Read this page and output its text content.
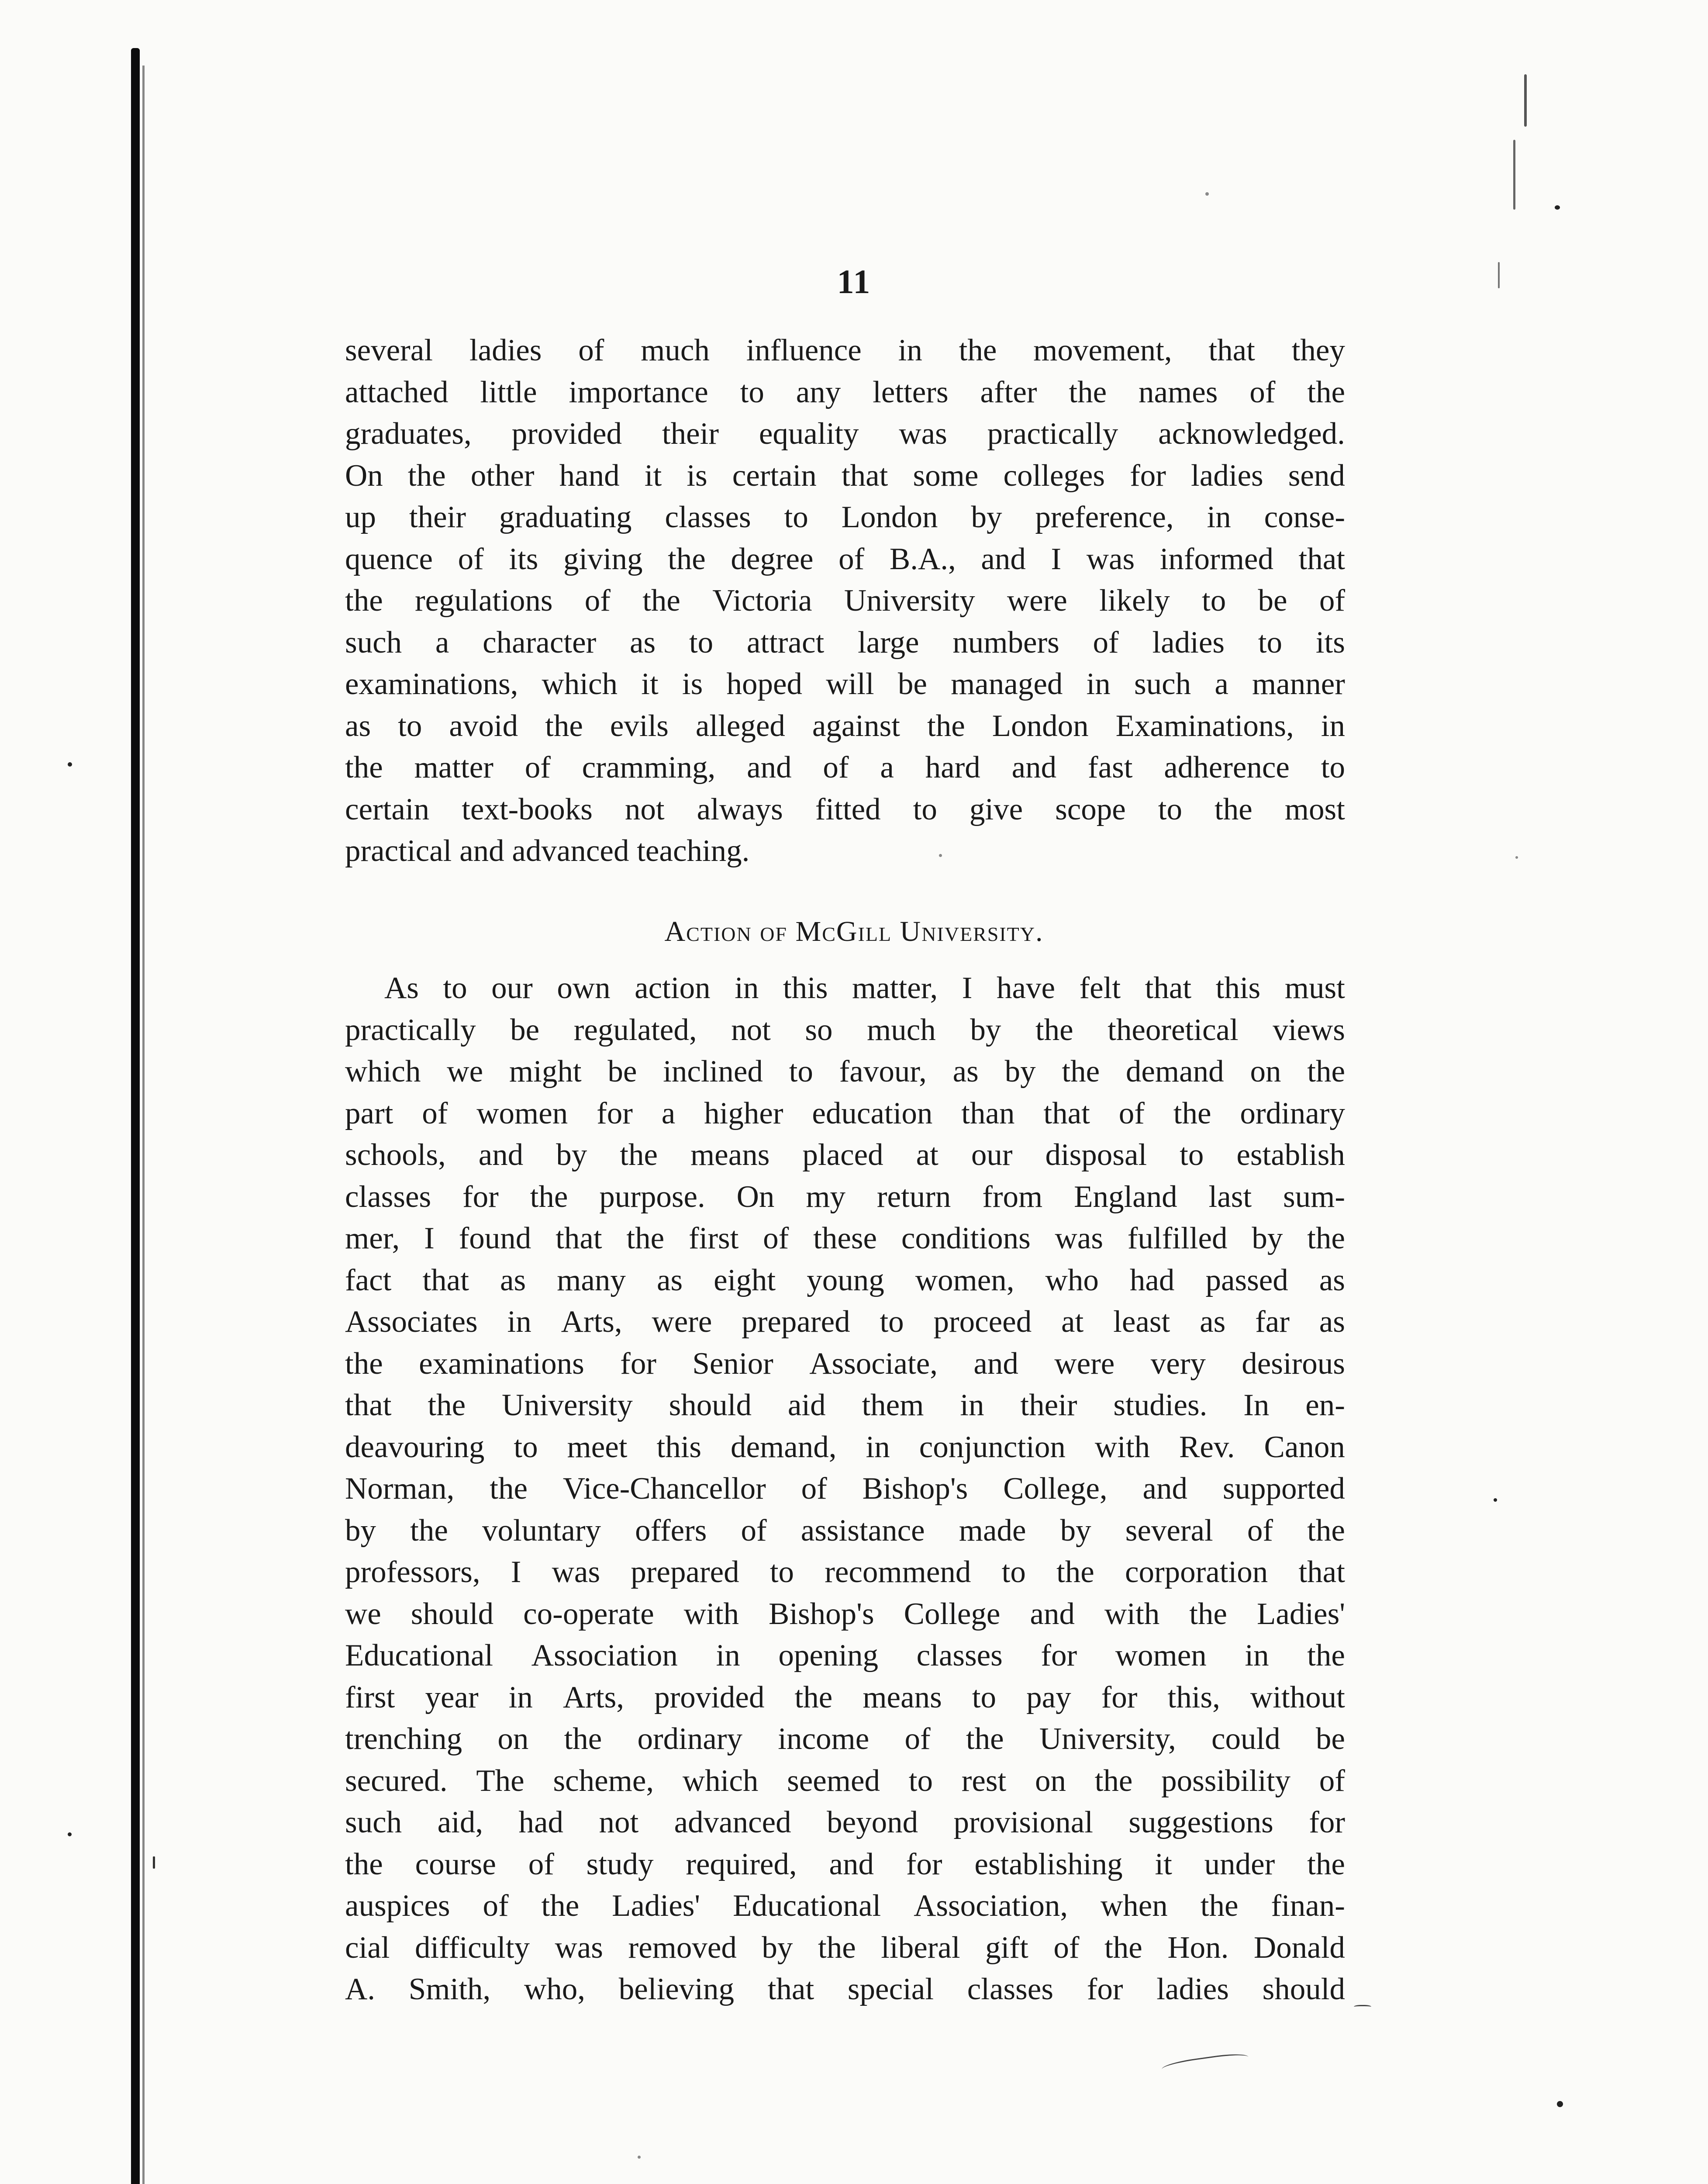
11
several ladies of much influence in the movement, that they
attached little importance to any letters after the names of the
graduates, provided their equality was practically acknowledged.
On the other hand it is certain that some colleges for ladies send
up their graduating classes to London by preference, in conse-
quence of its giving the degree of B.A., and I was informed that
the regulations of the Victoria University were likely to be of
such a character as to attract large numbers of ladies to its
examinations, which it is hoped will be managed in such a manner
as to avoid the evils alleged against the London Examinations, in
the matter of cramming, and of a hard and fast adherence to
certain text-books not always fitted to give scope to the most
practical and advanced teaching.
Action of McGill University.
As to our own action in this matter, I have felt that this must
practically be regulated, not so much by the theoretical views
which we might be inclined to favour, as by the demand on the
part of women for a higher education than that of the ordinary
schools, and by the means placed at our disposal to establish
classes for the purpose. On my return from England last sum-
mer, I found that the first of these conditions was fulfilled by the
fact that as many as eight young women, who had passed as
Associates in Arts, were prepared to proceed at least as far as
the examinations for Senior Associate, and were very desirous
that the University should aid them in their studies. In en-
deavouring to meet this demand, in conjunction with Rev. Canon
Norman, the Vice-Chancellor of Bishop's College, and supported
by the voluntary offers of assistance made by several of the
professors, I was prepared to recommend to the corporation that
we should co-operate with Bishop's College and with the Ladies'
Educational Association in opening classes for women in the
first year in Arts, provided the means to pay for this, without
trenching on the ordinary income of the University, could be
secured. The scheme, which seemed to rest on the possibility of
such aid, had not advanced beyond provisional suggestions for
the course of study required, and for establishing it under the
auspices of the Ladies' Educational Association, when the finan-
cial difficulty was removed by the liberal gift of the Hon. Donald
A. Smith, who, believing that special classes for ladies should
